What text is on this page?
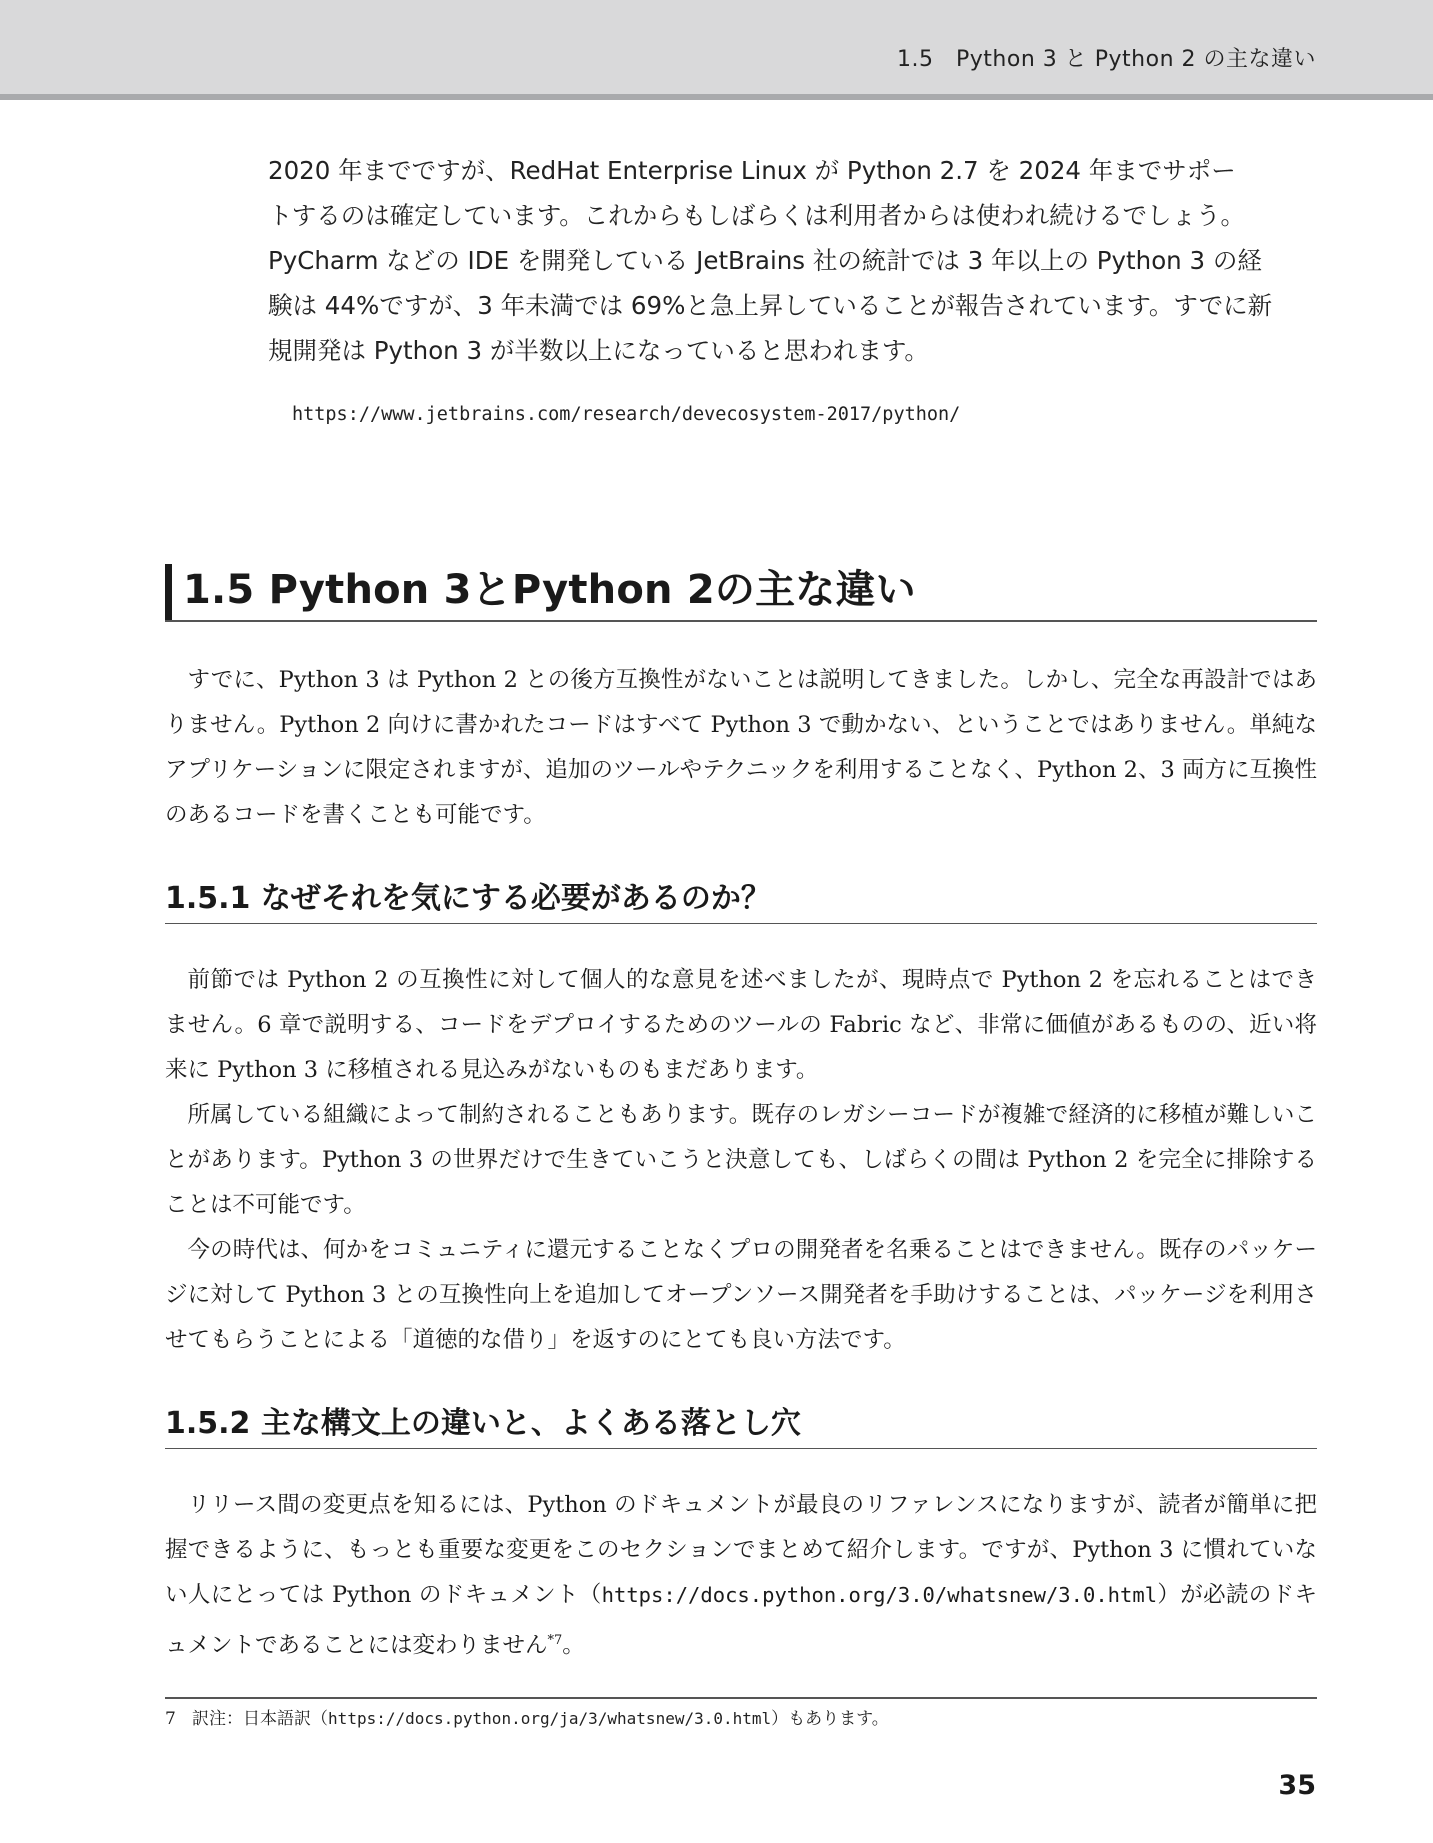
1.5　Python 3 と Python 2 の主な違い

2020 年までですが、RedHat Enterprise Linux が Python 2.7 を 2024 年までサポー

トするのは確定しています。これからもしばらくは利用者からは使われ続けるでしょう。

PyCharm などの IDE を開発している JetBrains 社の統計では 3 年以上の Python 3 の経

験は 44%ですが、3 年未満では 69%と急上昇していることが報告されています。すでに新

規開発は Python 3 が半数以上になっていると思われます。

https://www.jetbrains.com/research/devecosystem-2017/python/
1.5 Python 3とPython 2の主な違い

すでに、Python 3 は Python 2 との後方互換性がないことは説明してきました。しかし、完全な再設計ではありません。Python 2 向けに書かれたコードはすべて Python 3 で動かない、ということではありません。単純なアプリケーションに限定されますが、追加のツールやテクニックを利用することなく、Python 2、3 両方に互換性のあるコードを書くことも可能です。

1.5.1 なぜそれを気にする必要があるのか？

前節では Python 2 の互換性に対して個人的な意見を述べましたが、現時点で Python 2 を忘れることはできません。6 章で説明する、コードをデプロイするためのツールの Fabric など、非常に価値があるものの、近い将来に Python 3 に移植される見込みがないものもまだあります。

所属している組織によって制約されることもあります。既存のレガシーコードが複雑で経済的に移植が難しいことがあります。Python 3 の世界だけで生きていこうと決意しても、しばらくの間は Python 2 を完全に排除することは不可能です。

今の時代は、何かをコミュニティに還元することなくプロの開発者を名乗ることはできません。既存のパッケージに対して Python 3 との互換性向上を追加してオープンソース開発者を手助けすることは、パッケージを利用させてもらうことによる「道徳的な借り」を返すのにとても良い方法です。

1.5.2 主な構文上の違いと、よくある落とし穴

リリース間の変更点を知るには、Python のドキュメントが最良のリファレンスになりますが、読者が簡単に把握できるように、もっとも重要な変更をこのセクションでまとめて紹介します。ですが、Python 3 に慣れていない人にとっては Python のドキュメント（https://docs.python.org/3.0/whatsnew/3.0.html）が必読のドキュメントであることには変わりません$^{*7}$。

7 訳注：日本語訳（https://docs.python.org/ja/3/whatsnew/3.0.html）もあります。
35
